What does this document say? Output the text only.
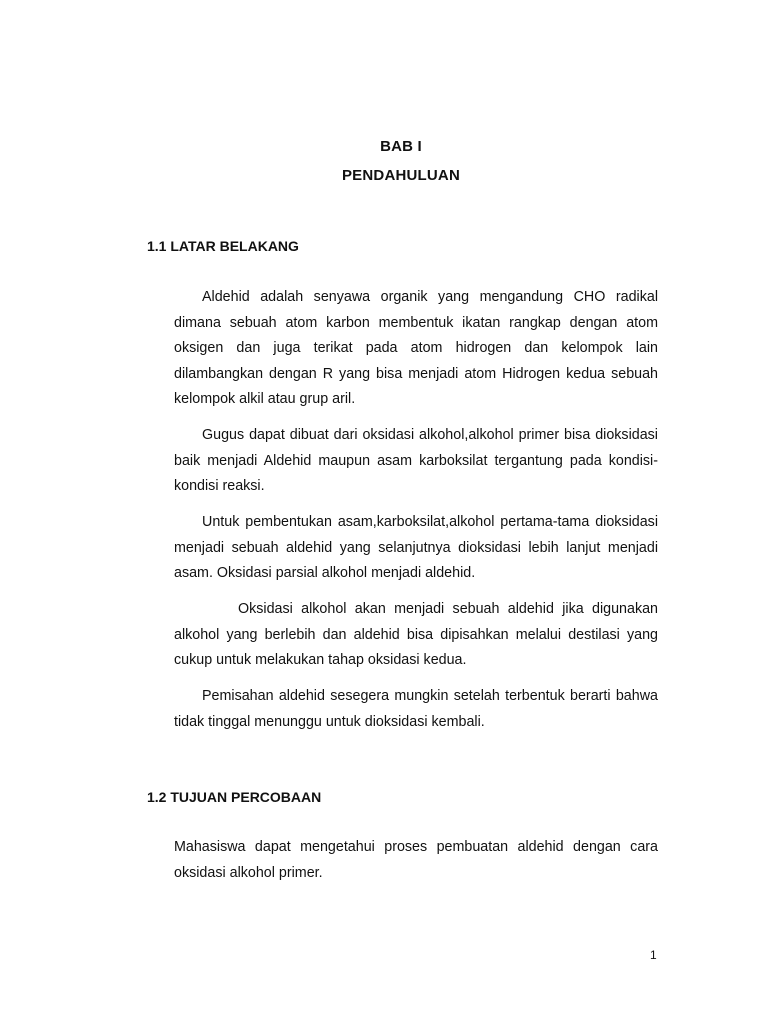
BAB I
PENDAHULUAN
1.1 LATAR BELAKANG

Aldehid adalah senyawa organik yang mengandung CHO radikal dimana sebuah atom karbon membentuk ikatan rangkap dengan atom oksigen dan juga terikat pada atom hidrogen dan kelompok lain dilambangkan dengan R yang bisa menjadi atom Hidrogen kedua sebuah kelompok alkil atau grup aril.

Gugus dapat dibuat dari oksidasi alkohol,alkohol primer bisa dioksidasi baik menjadi Aldehid maupun asam karboksilat tergantung pada kondisi-kondisi reaksi.

Untuk pembentukan asam,karboksilat,alkohol pertama-tama dioksidasi menjadi sebuah aldehid yang selanjutnya dioksidasi lebih lanjut menjadi asam. Oksidasi parsial alkohol menjadi aldehid.

Oksidasi alkohol akan menjadi sebuah aldehid jika digunakan alkohol yang berlebih dan aldehid bisa dipisahkan melalui destilasi yang cukup untuk melakukan tahap oksidasi kedua.

Pemisahan aldehid sesegera mungkin setelah terbentuk berarti bahwa tidak tinggal menunggu untuk dioksidasi kembali.

1.2 TUJUAN PERCOBAAN

Mahasiswa dapat mengetahui proses pembuatan aldehid dengan cara oksidasi alkohol primer.

1
